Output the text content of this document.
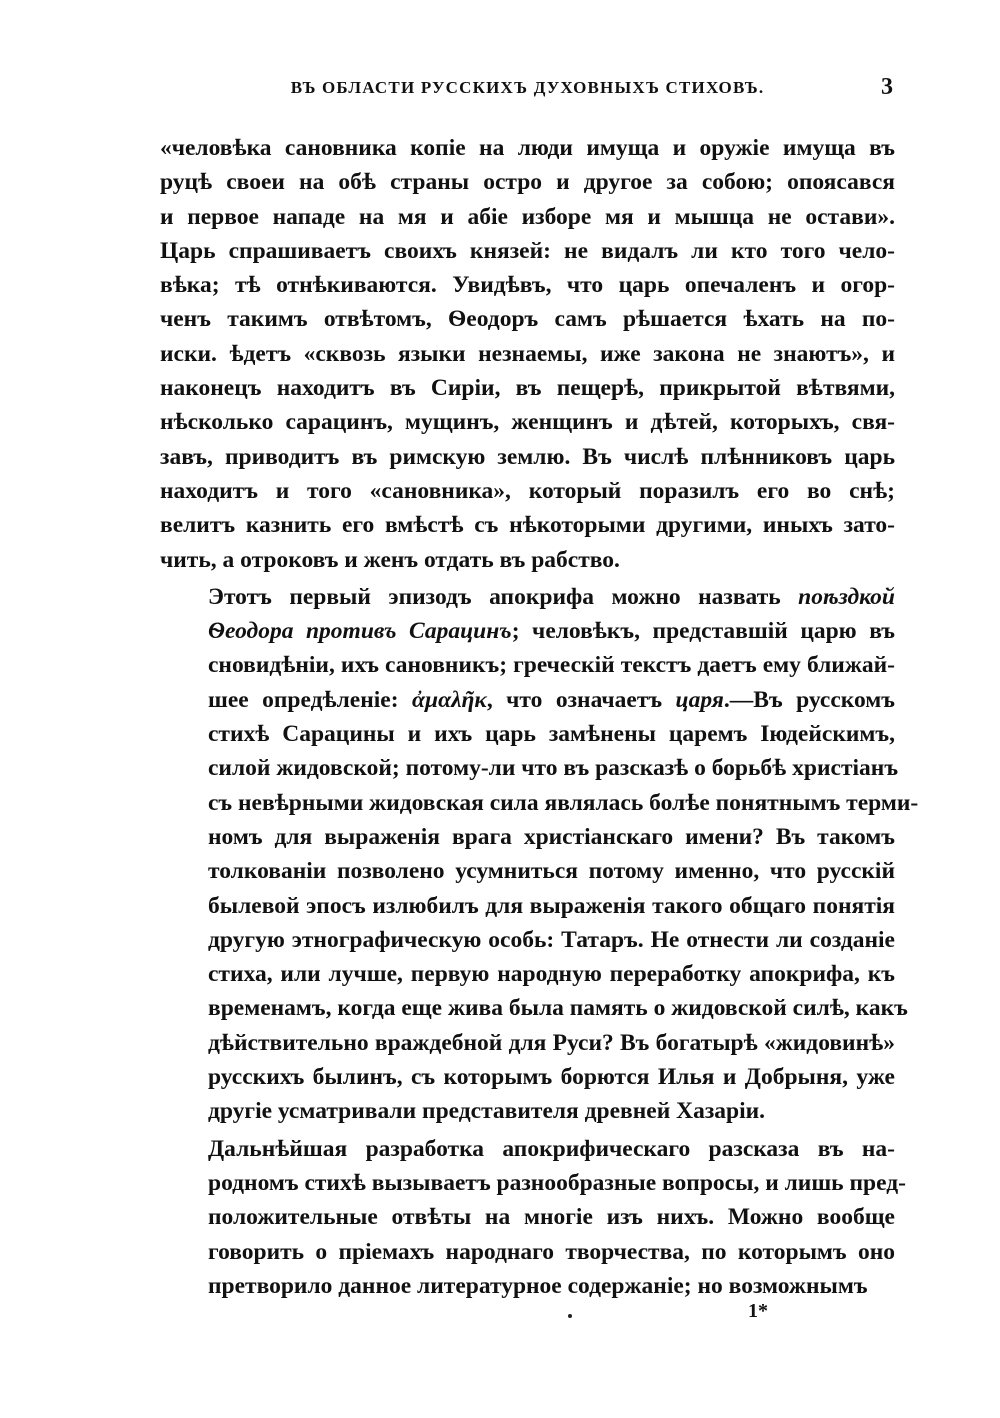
ВЪ ОБЛАСТИ РУССКИХЪ ДУХОВНЫХЪ СТИХОВЪ.	3
«человѣка сановника копіе на люди имуща и оружіе имуща въ
руцѣ своеи на обѣ страны остро и другое за собою; опоясався
и первое нападе на мя и абіе изборе мя и мышца не остави».
Царь спрашиваетъ своихъ князей: не видалъ ли кто того чело-
вѣка; тѣ отнѣкиваются. Увидѣвъ, что царь опечаленъ и огор-
ченъ такимъ отвѣтомъ, Ѳеодоръ самъ рѣшается ѣхать на по-
иски. ѣдетъ «сквозь языки незнаемы, иже закона не знаютъ», и
наконецъ находитъ въ Сиріи, въ пещерѣ, прикрытой вѣтвями,
нѣсколько сарацинъ, мущинъ, женщинъ и дѣтей, которыхъ, свя-
завъ, приводитъ въ римскую землю. Въ числѣ плѣнниковъ царь
находитъ и того «сановника», который поразилъ его во снѣ;
велитъ казнить его вмѣстѣ съ нѣкоторыми другими, иныхъ зато-
чить, а отроковъ и женъ отдать въ рабство.
Этотъ первый эпизодъ апокрифа можно назвать поѣздкой
Ѳеодора противъ Сарацинъ; человѣкъ, представшій царю въ
сновидѣніи, ихъ сановникъ; греческій текстъ даетъ ему ближай-
шее опредѣленіе: ἀμαλῆκ, что означаетъ царя.—Въ русскомъ
стихѣ Сарацины и ихъ царь замѣнены царемъ Іюдейскимъ,
силой жидовской; потому-ли что въ разсказѣ о борьбѣ христіанъ
съ невѣрными жидовская сила являлась болѣе понятнымъ терми-
номъ для выраженія врага христіанскаго имени? Въ такомъ
толкованіи позволено усумниться потому именно, что русскій
былевой эпосъ излюбилъ для выраженія такого общаго понятія
другую этнографическую особь: Татаръ. Не отнести ли созданіе
стиха, или лучше, первую народную переработку апокрифа, къ
временамъ, когда еще жива была память о жидовской силѣ, какъ
дѣйствительно враждебной для Руси? Въ богатырѣ «жидовинѣ»
русскихъ былинъ, съ которымъ борются Илья и Добрыня, уже
другіе усматривали представителя древней Хазаріи.
Дальнѣйшая разработка апокрифическаго разсказа въ на-
родномъ стихѣ вызываетъ разнообразные вопросы, и лишь пред-
положительные отвѣты на многіе изъ нихъ. Можно вообще
говорить о пріемахъ народнаго творчества, по которымъ оно
претворило данное литературное содержаніе; но возможнымъ
1*
